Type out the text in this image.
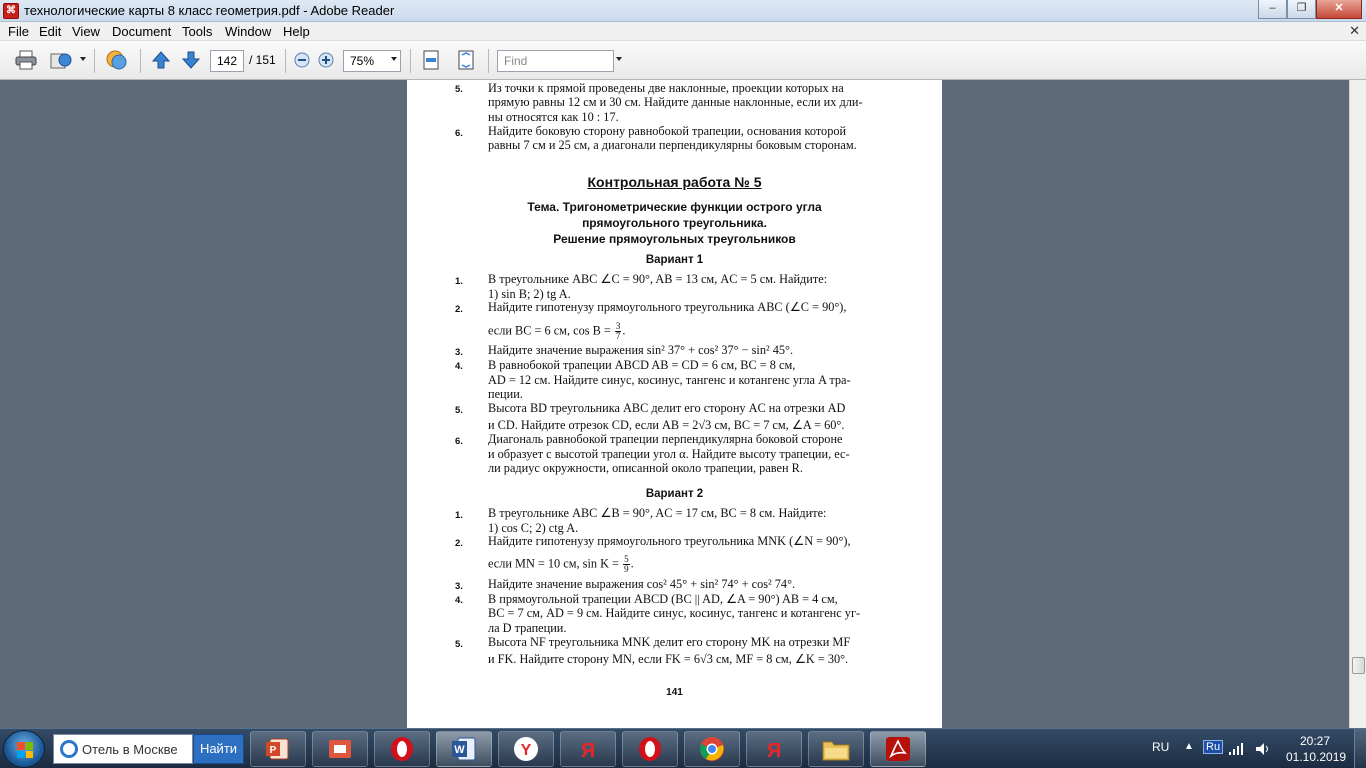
⌘ технологические карты 8 класс геометрия.pdf - Adobe Reader	–	❐	✕
File Edit View Document Tools Window Help	✕
142 / 151	75%	Find
5. Из точки к прямой проведены две наклонные, проекции которых на
прямую равны 12 см и 30 см. Найдите данные наклонные, если их дли-
ны относятся как 10 : 17.
6. Найдите боковую сторону равнобокой трапеции, основания которой
равны 7 см и 25 см, а диагонали перпендикулярны боковым сторонам.
Контрольная работа № 5
Тема. Тригонометрические функции острого угла
прямоугольного треугольника.
Решение прямоугольных треугольников
Вариант 1
1. В треугольнике ABC ∠C = 90°, AB = 13 см, AC = 5 см. Найдите:
1) sin B; 2) tg A.
2. Найдите гипотенузу прямоугольного треугольника ABC (∠C = 90°),
если BC = 6 см, $\cos B = \frac{3}{7}$ .
3. Найдите значение выражения sin² 37° + cos² 37° − sin² 45°.
4. В равнобокой трапеции ABCD AB = CD = 6 см, BC = 8 см,
AD = 12 см. Найдите синус, косинус, тангенс и котангенс угла A тра-
пеции.
5. Высота BD треугольника ABC делит его сторону AC на отрезки AD
и CD. Найдите отрезок CD, если AB = 2√3 см, BC = 7 см, ∠A = 60°.
6. Диагональ равнобокой трапеции перпендикулярна боковой стороне
и образует с высотой трапеции угол α. Найдите высоту трапеции, ес-
ли радиус окружности, описанной около трапеции, равен R.
Вариант 2
1. В треугольнике ABC ∠B = 90°, AC = 17 см, BC = 8 см. Найдите:
1) cos C; 2) ctg A.
2. Найдите гипотенузу прямоугольного треугольника MNK (∠N = 90°),
если MN = 10 см, $\sin K = \frac{5}{9}$ .
3. Найдите значение выражения cos² 45° + sin² 74° + cos² 74°.
4. В прямоугольной трапеции ABCD (BC || AD, ∠A = 90°) AB = 4 см,
BC = 7 см, AD = 9 см. Найдите синус, косинус, тангенс и котангенс уг-
ла D трапеции.
5. Высота NF треугольника MNK делит его сторону MK на отрезки MF
и FK. Найдите сторону MN, если FK = 6√3 см, MF = 8 см, ∠K = 30°.
141
Отель в Москве	Найти	P	W	Y Я	Я	RU ▲ Ru	20:27
01.10.2019
